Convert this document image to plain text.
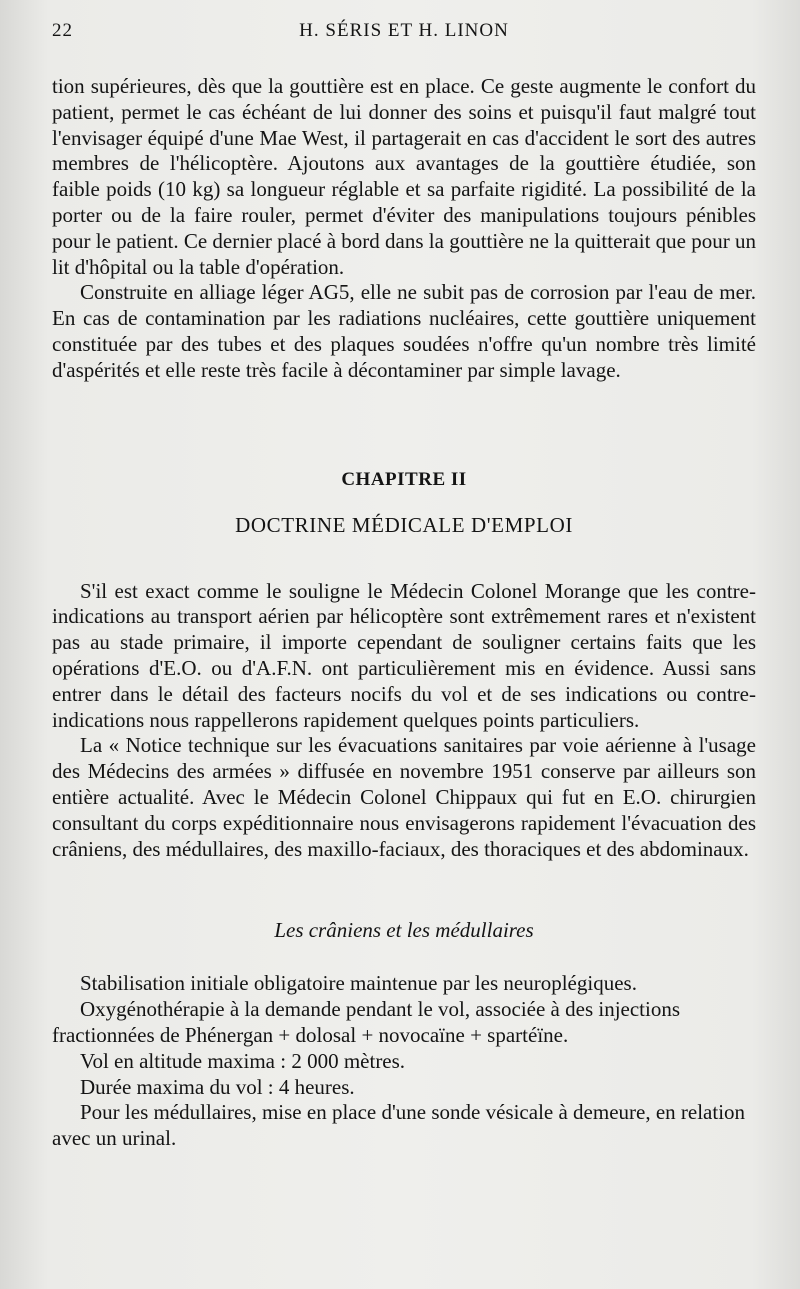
22	H. SÉRIS ET H. LINON

tion supérieures, dès que la gouttière est en place. Ce geste augmente le confort du patient, permet le cas échéant de lui donner des soins et puisqu'il faut malgré tout l'envisager équipé d'une Mae West, il partagerait en cas d'accident le sort des autres membres de l'hélicoptère. Ajoutons aux avantages de la gouttière étudiée, son faible poids (10 kg) sa longueur réglable et sa parfaite rigidité. La possibilité de la porter ou de la faire rouler, permet d'éviter des manipulations toujours pénibles pour le patient. Ce dernier placé à bord dans la gouttière ne la quitterait que pour un lit d'hôpital ou la table d'opération.

Construite en alliage léger AG5, elle ne subit pas de corrosion par l'eau de mer. En cas de contamination par les radiations nucléaires, cette gouttière uniquement constituée par des tubes et des plaques soudées n'offre qu'un nombre très limité d'aspérités et elle reste très facile à décontaminer par simple lavage.

CHAPITRE II
DOCTRINE MÉDICALE D'EMPLOI

S'il est exact comme le souligne le Médecin Colonel Morange que les contre-indications au transport aérien par hélicoptère sont extrêmement rares et n'existent pas au stade primaire, il importe cependant de souligner certains faits que les opérations d'E.O. ou d'A.F.N. ont particulièrement mis en évidence. Aussi sans entrer dans le détail des facteurs nocifs du vol et de ses indications ou contre-indications nous rappellerons rapidement quelques points particuliers.

La « Notice technique sur les évacuations sanitaires par voie aérienne à l'usage des Médecins des armées » diffusée en novembre 1951 conserve par ailleurs son entière actualité. Avec le Médecin Colonel Chippaux qui fut en E.O. chirurgien consultant du corps expéditionnaire nous envisagerons rapidement l'évacuation des crâniens, des médullaires, des maxillo-faciaux, des thoraciques et des abdominaux.

Les crâniens et les médullaires

Stabilisation initiale obligatoire maintenue par les neuroplégiques.

Oxygénothérapie à la demande pendant le vol, associée à des injections fractionnées de Phénergan + dolosal + novocaïne + spartéïne.

Vol en altitude maxima : 2 000 mètres.

Durée maxima du vol : 4 heures.

Pour les médullaires, mise en place d'une sonde vésicale à demeure, en relation avec un urinal.
